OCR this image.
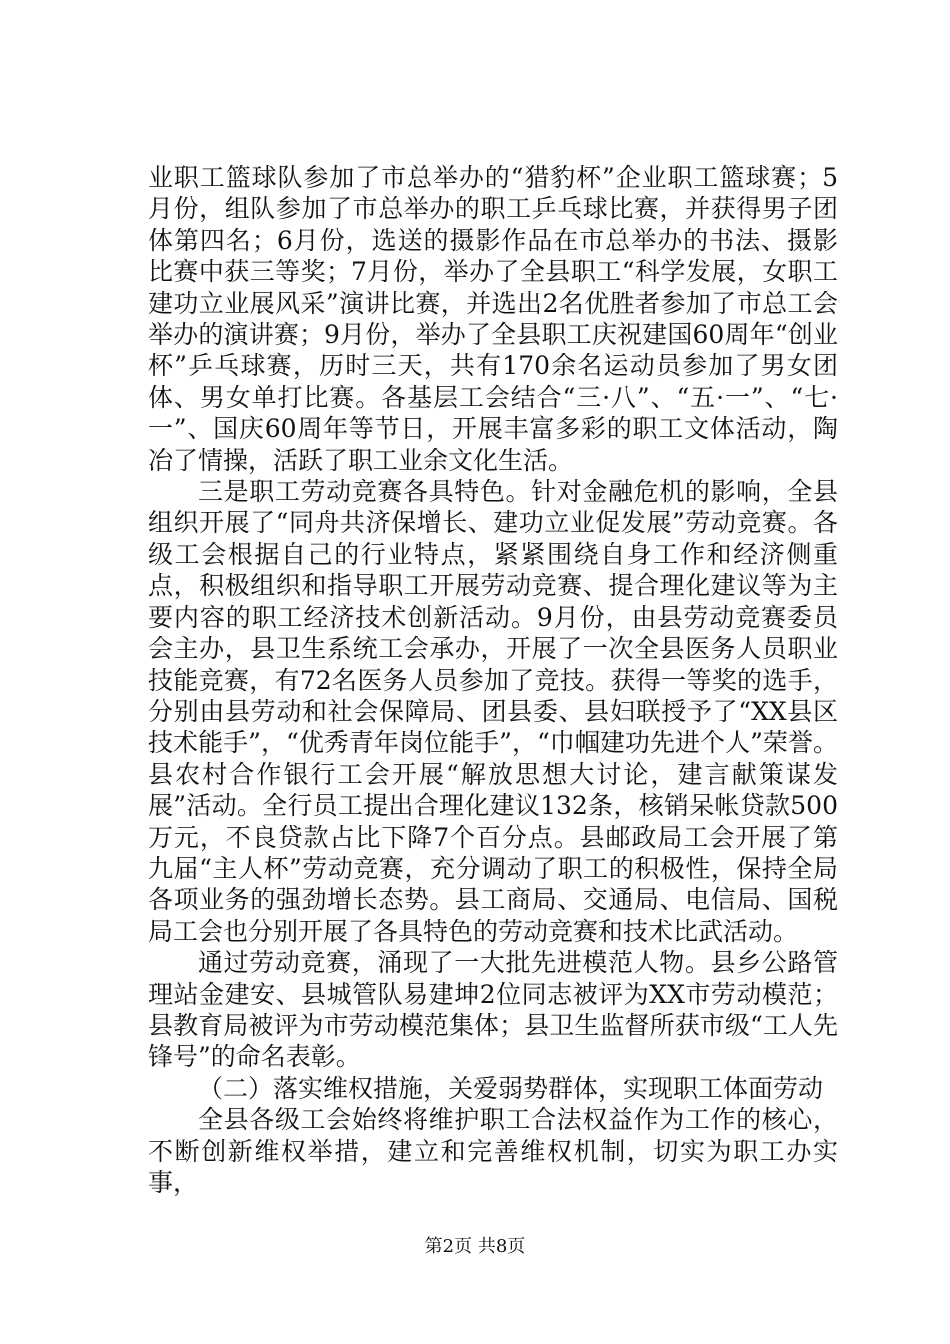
业职工篮球队参加了市总举办的“猎豹杯”企业职工篮球赛；5月份，组队参加了市总举办的职工乒乓球比赛，并获得男子团体第四名；6月份，选送的摄影作品在市总举办的书法、摄影比赛中获三等奖；7月份，举办了全县职工“科学发展，女职工建功立业展风采”演讲比赛，并选出2名优胜者参加了市总工会举办的演讲赛；9月份，举办了全县职工庆祝建国60周年“创业杯”乒乓球赛，历时三天，共有170余名运动员参加了男女团体、男女单打比赛。各基层工会结合“三·八”、“五·一”、“七·一”、国庆60周年等节日，开展丰富多彩的职工文体活动，陶冶了情操，活跃了职工业余文化生活。

三是职工劳动竞赛各具特色。针对金融危机的影响，全县组织开展了“同舟共济保增长、建功立业促发展”劳动竞赛。各级工会根据自己的行业特点，紧紧围绕自身工作和经济侧重点，积极组织和指导职工开展劳动竞赛、提合理化建议等为主要内容的职工经济技术创新活动。9月份，由县劳动竞赛委员会主办，县卫生系统工会承办，开展了一次全县医务人员职业技能竞赛，有72名医务人员参加了竞技。获得一等奖的选手，分别由县劳动和社会保障局、团县委、县妇联授予了“XX县区技术能手”，“优秀青年岗位能手”，“巾帼建功先进个人”荣誉。县农村合作银行工会开展“解放思想大讨论，建言献策谋发展”活动。全行员工提出合理化建议132条，核销呆帐贷款500万元，不良贷款占比下降7个百分点。县邮政局工会开展了第九届“主人杯”劳动竞赛，充分调动了职工的积极性，保持全局各项业务的强劲增长态势。县工商局、交通局、电信局、国税局工会也分别开展了各具特色的劳动竞赛和技术比武活动。

通过劳动竞赛，涌现了一大批先进模范人物。县乡公路管理站金建安、县城管队易建坤2位同志被评为XX市劳动模范；县教育局被评为市劳动模范集体；县卫生监督所获市级“工人先锋号”的命名表彰。

（二）落实维权措施，关爱弱势群体，实现职工体面劳动

全县各级工会始终将维护职工合法权益作为工作的核心，不断创新维权举措，建立和完善维权机制，切实为职工办实事，

第2页 共8页
